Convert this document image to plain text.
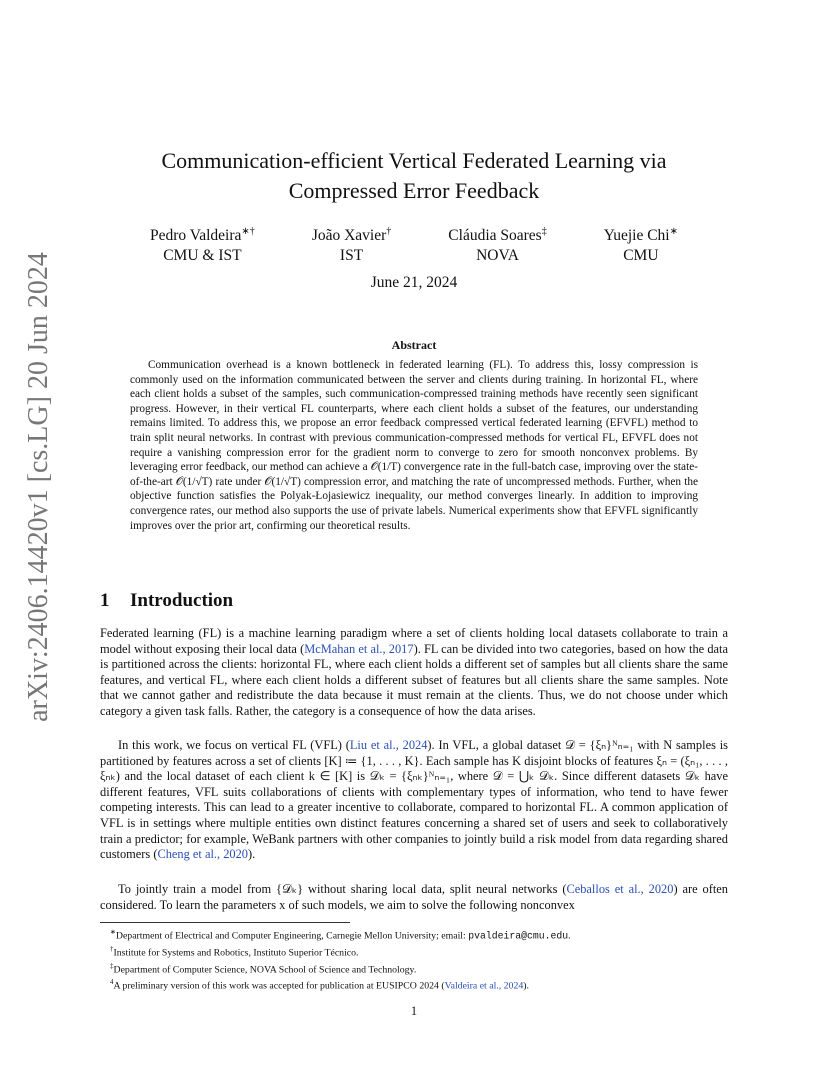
arXiv:2406.14420v1 [cs.LG] 20 Jun 2024
Communication-efficient Vertical Federated Learning via
Compressed Error Feedback
Pedro Valdeira∗†
CMU & IST
João Xavier†
IST
Cláudia Soares‡
NOVA
Yuejie Chi∗
CMU
June 21, 2024
Abstract

Communication overhead is a known bottleneck in federated learning (FL). To address this, lossy compression is commonly used on the information communicated between the server and clients during training. In horizontal FL, where each client holds a subset of the samples, such communication-compressed training methods have recently seen significant progress. However, in their vertical FL counterparts, where each client holds a subset of the features, our understanding remains limited. To address this, we propose an error feedback compressed vertical federated learning (EFVFL) method to train split neural networks. In contrast with previous communication-compressed methods for vertical FL, EFVFL does not require a vanishing compression error for the gradient norm to converge to zero for smooth nonconvex problems. By leveraging error feedback, our method can achieve a 𝒪(1/T) convergence rate in the full-batch case, improving over the state-of-the-art 𝒪(1/√T) rate under 𝒪(1/√T) compression error, and matching the rate of uncompressed methods. Further, when the objective function satisfies the Polyak-Łojasiewicz inequality, our method converges linearly. In addition to improving convergence rates, our method also supports the use of private labels. Numerical experiments show that EFVFL significantly improves over the prior art, confirming our theoretical results.

1 Introduction

Federated learning (FL) is a machine learning paradigm where a set of clients holding local datasets collaborate to train a model without exposing their local data (McMahan et al., 2017). FL can be divided into two categories, based on how the data is partitioned across the clients: horizontal FL, where each client holds a different set of samples but all clients share the same features, and vertical FL, where each client holds a different subset of features but all clients share the same samples. Note that we cannot gather and redistribute the data because it must remain at the clients. Thus, we do not choose under which category a given task falls. Rather, the category is a consequence of how the data arises.

In this work, we focus on vertical FL (VFL) (Liu et al., 2024). In VFL, a global dataset 𝒟 = {ξₙ}ᴺₙ₌₁ with N samples is partitioned by features across a set of clients [K] ≔ {1, . . . , K}. Each sample has K disjoint blocks of features ξₙ = (ξₙ₁, . . . , ξₙₖ) and the local dataset of each client k ∈ [K] is 𝒟ₖ = {ξₙₖ}ᴺₙ₌₁, where 𝒟 = ⋃ₖ 𝒟ₖ. Since different datasets 𝒟ₖ have different features, VFL suits collaborations of clients with complementary types of information, who tend to have fewer competing interests. This can lead to a greater incentive to collaborate, compared to horizontal FL. A common application of VFL is in settings where multiple entities own distinct features concerning a shared set of users and seek to collaboratively train a predictor; for example, WeBank partners with other companies to jointly build a risk model from data regarding shared customers (Cheng et al., 2020).

To jointly train a model from {𝒟ₖ} without sharing local data, split neural networks (Ceballos et al., 2020) are often considered. To learn the parameters x of such models, we aim to solve the following nonconvex

∗Department of Electrical and Computer Engineering, Carnegie Mellon University; email: pvaldeira@cmu.edu.
†Institute for Systems and Robotics, Instituto Superior Técnico.
‡Department of Computer Science, NOVA School of Science and Technology.
$^4$A preliminary version of this work was accepted for publication at EUSIPCO 2024 (Valdeira et al., 2024).
1
